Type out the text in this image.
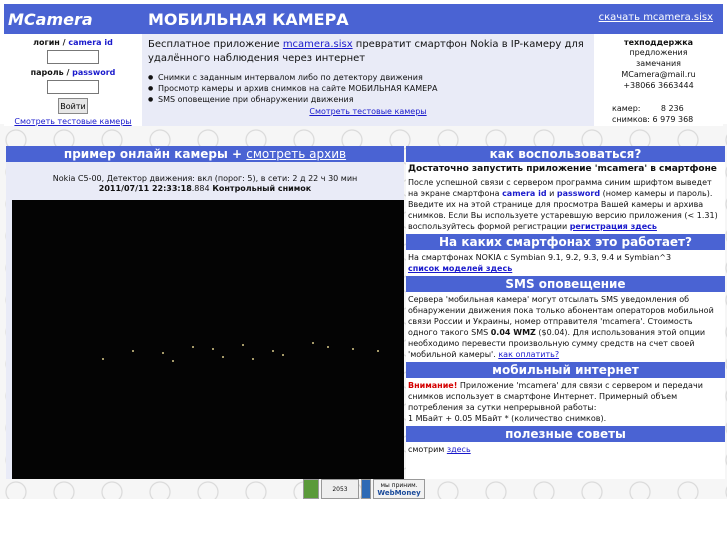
MCamera	МОБИЛЬНАЯ КАМЕРА	скачать mcamera.sisx
логин / camera id
пароль / password
Войти
Смотреть тестовые камеры
Бесплатное приложение mcamera.sisx превратит смартфон Nokia в IP-камеру для удалённого наблюдения через интернет
● Снимки с заданным интервалом либо по детектору движения
● Просмотр камеры и архив снимков на сайте МОБИЛЬНАЯ КАМЕРА
● SMS оповещение при обнаружении движения
Смотреть тестовые камеры
техподдержка
предложения
замечания
MCamera@mail.ru
+38066 3663444
камер:	8 236
снимков: 6 979 368
пример онлайн камеры + смотреть архив
Nokia C5-00, Детектор движения: вкл (порог: 5), в сети: 2 д 22 ч 30 мин
2011/07/11 22:33:18.884 Контрольный снимок
как воспользоваться?
Достаточно запустить приложение 'mcamera' в смартфоне
После успешной связи с сервером программа синим шрифтом выведет на экране смартфона camera id и password (номер камеры и пароль). Введите их на этой странице для просмотра Вашей камеры и архива снимков. Если Вы используете устаревшую версию приложения (< 1.31) воспользуйтесь формой регистрации регистрация здесь
На каких смартфонах это работает?
На смартфонах NOKIA с Symbian 9.1, 9.2, 9.3, 9.4 и Symbian^3
список моделей здесь
SMS оповещение
Сервера 'мобильная камера' могут отсылать SMS уведомления об обнаружении движения пока только абонентам операторов мобильной связи России и Украины, номер отправителя 'mcamera'. Стоимость одного такого SMS 0.04 WMZ ($0.04). Для использования этой опции необходимо перевести произвольную сумму средств на счет своей 'мобильной камеры'. как оплатить?
мобильный интернет
Внимание! Приложение 'mcamera' для связи с сервером и передачи снимков использует в смартфоне Интернет. Примерный объем потребления за сутки непрерывной работы:
1 МБайт + 0.05 МБайт * (количество снимков).
полезные советы
смотрим здесь
2053
мы приним.
WebMoney
